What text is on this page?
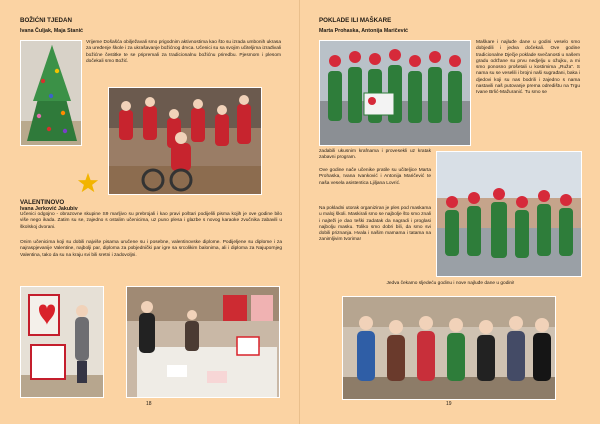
BOŽIĆNI TJEDAN
Ivana Čuljak, Maja Stanić

Vrijeme Došašća obilježavali smo prigodnim aktivnostima kao što su izrada umbonih ukrasa za uređenje škole i za ukrašavanje božićnog drvca. Učenici su sa svojim učiteljima izrađivali božićne čestitke te se pripremali za tradicionalnu božićnu priredbu. Pjesmom i plesom dočekali smo Božić.

VALENTINOVO
Ivana Jerković Jakubiv

Učenici odgojno - obrazovne skupine S9 marljivo su prebrojali i kao pravi poštari podijelili pisma kojih je ove godine bilo više nego ikada. Zatim su se, zajedno s ostalim učenicima, uz puno plesa i glazbe s novog karaoke zvučnika zabavili u školskoj dvorani.

Onim učenicima koji su dobili najviše pisama uručene su i posebne, valentinovske diplome. Podijeljene su diplome i za najraspjevanije Valentine, najbolji par, diploma za pobjednički par igre sa srcolikim balonima, ali i diploma za Najupornjeg Valentina, tako da su na kraju svi bili sretni i zadovoljni.

18
POKLADE ILI MAŠKARE
Marta Prohaska, Antonija Maričević

Maškare i najluđe dane u godini veselo smo dobjedili i jedva dočekali. Ove godine tradicionalne Dječje poklade svečanosti u našem gradu održane su prvu nedjelju u ožujku, a mi smo ponosno prošetali u kostimima „Ruža". S nama su se veselili i brojni naši sugrađani, baka i djedovi koji su nas bodrili i zajedno s nama nastavili naš putovanje prema odredištu na Trgu Ivane Brlić-Mažuranić. Tu smo se

zadabili ukusnim krafnama i provesekli uz kratak zabavni program.

Ove godine nače učenike pratile su učiteljice Marta Prohaska, Ivana Ivanković i Antonija Maričević te naša vesela asistentica Ljiljana Lovrić.

Na pokladni utorak organiziran je ples pod maskama u maloj školi. Maskirali smo se najbolje što smo znali i najteži je dao teški zadatak da nagradi i proglasi najbolju masku. Toliko smo dobri bili, da smo svi dobili priznanja. Hvala i našim mamama i tatama na zanimljivim tvorima!

Jedva čekamo sljedeću godinu i nove najluđe dane u godini!

19
